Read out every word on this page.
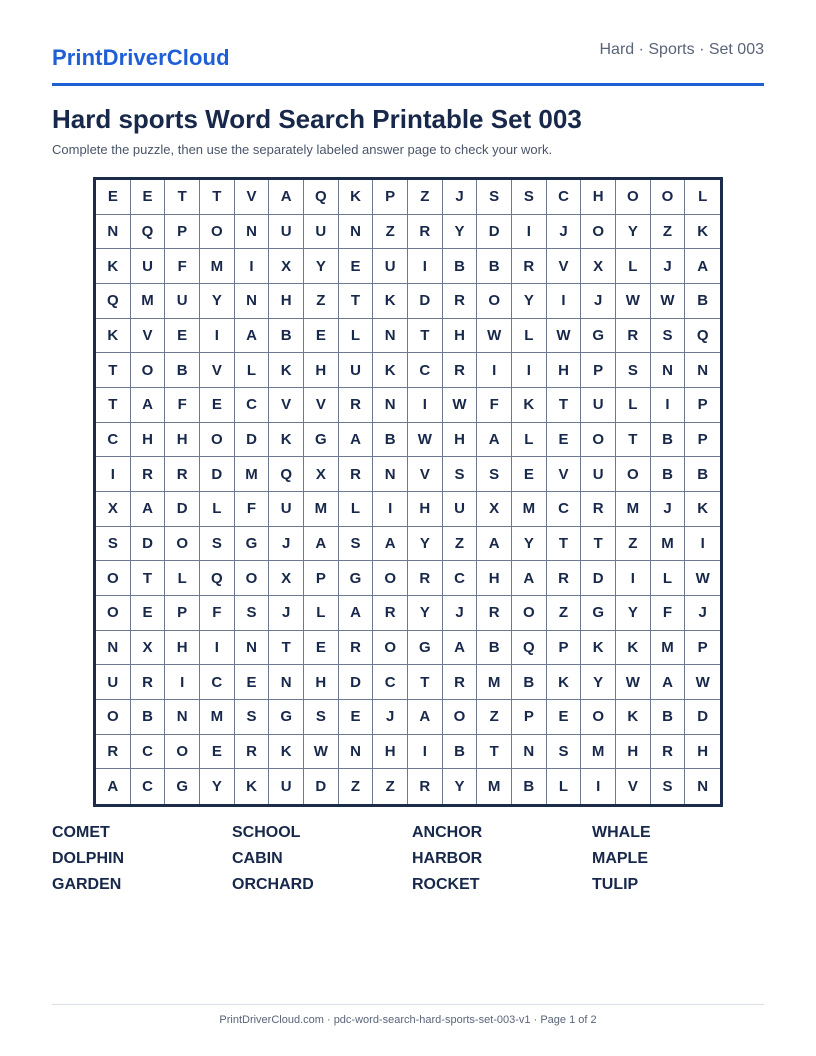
PrintDriverCloud	Hard · Sports · Set 003
Hard sports Word Search Printable Set 003
Complete the puzzle, then use the separately labeled answer page to check your work.
E	E	T	T	V	A	Q	K	P	Z	J	S	S	C	H	O	O	L
N	Q	P	O	N	U	U	N	Z	R	Y	D	I	J	O	Y	Z	K
K	U	F	M	I	X	Y	E	U	I	B	B	R	V	X	L	J	A
Q	M	U	Y	N	H	Z	T	K	D	R	O	Y	I	J	W	W	B
K	V	E	I	A	B	E	L	N	T	H	W	L	W	G	R	S	Q
T	O	B	V	L	K	H	U	K	C	R	I	I	H	P	S	N	N
T	A	F	E	C	V	V	R	N	I	W	F	K	T	U	L	I	P
C	H	H	O	D	K	G	A	B	W	H	A	L	E	O	T	B	P
I	R	R	D	M	Q	X	R	N	V	S	S	E	V	U	O	B	B
X	A	D	L	F	U	M	L	I	H	U	X	M	C	R	M	J	K
S	D	O	S	G	J	A	S	A	Y	Z	A	Y	T	T	Z	M	I
O	T	L	Q	O	X	P	G	O	R	C	H	A	R	D	I	L	W
O	E	P	F	S	J	L	A	R	Y	J	R	O	Z	G	Y	F	J
N	X	H	I	N	T	E	R	O	G	A	B	Q	P	K	K	M	P
U	R	I	C	E	N	H	D	C	T	R	M	B	K	Y	W	A	W
O	B	N	M	S	G	S	E	J	A	O	Z	P	E	O	K	B	D
R	C	O	E	R	K	W	N	H	I	B	T	N	S	M	H	R	H
A	C	G	Y	K	U	D	Z	Z	R	Y	M	B	L	I	V	S	N
COMET	SCHOOL	ANCHOR	WHALE
DOLPHIN	CABIN	HARBOR	MAPLE
GARDEN	ORCHARD	ROCKET	TULIP
PrintDriverCloud.com · pdc-word-search-hard-sports-set-003-v1 · Page 1 of 2
